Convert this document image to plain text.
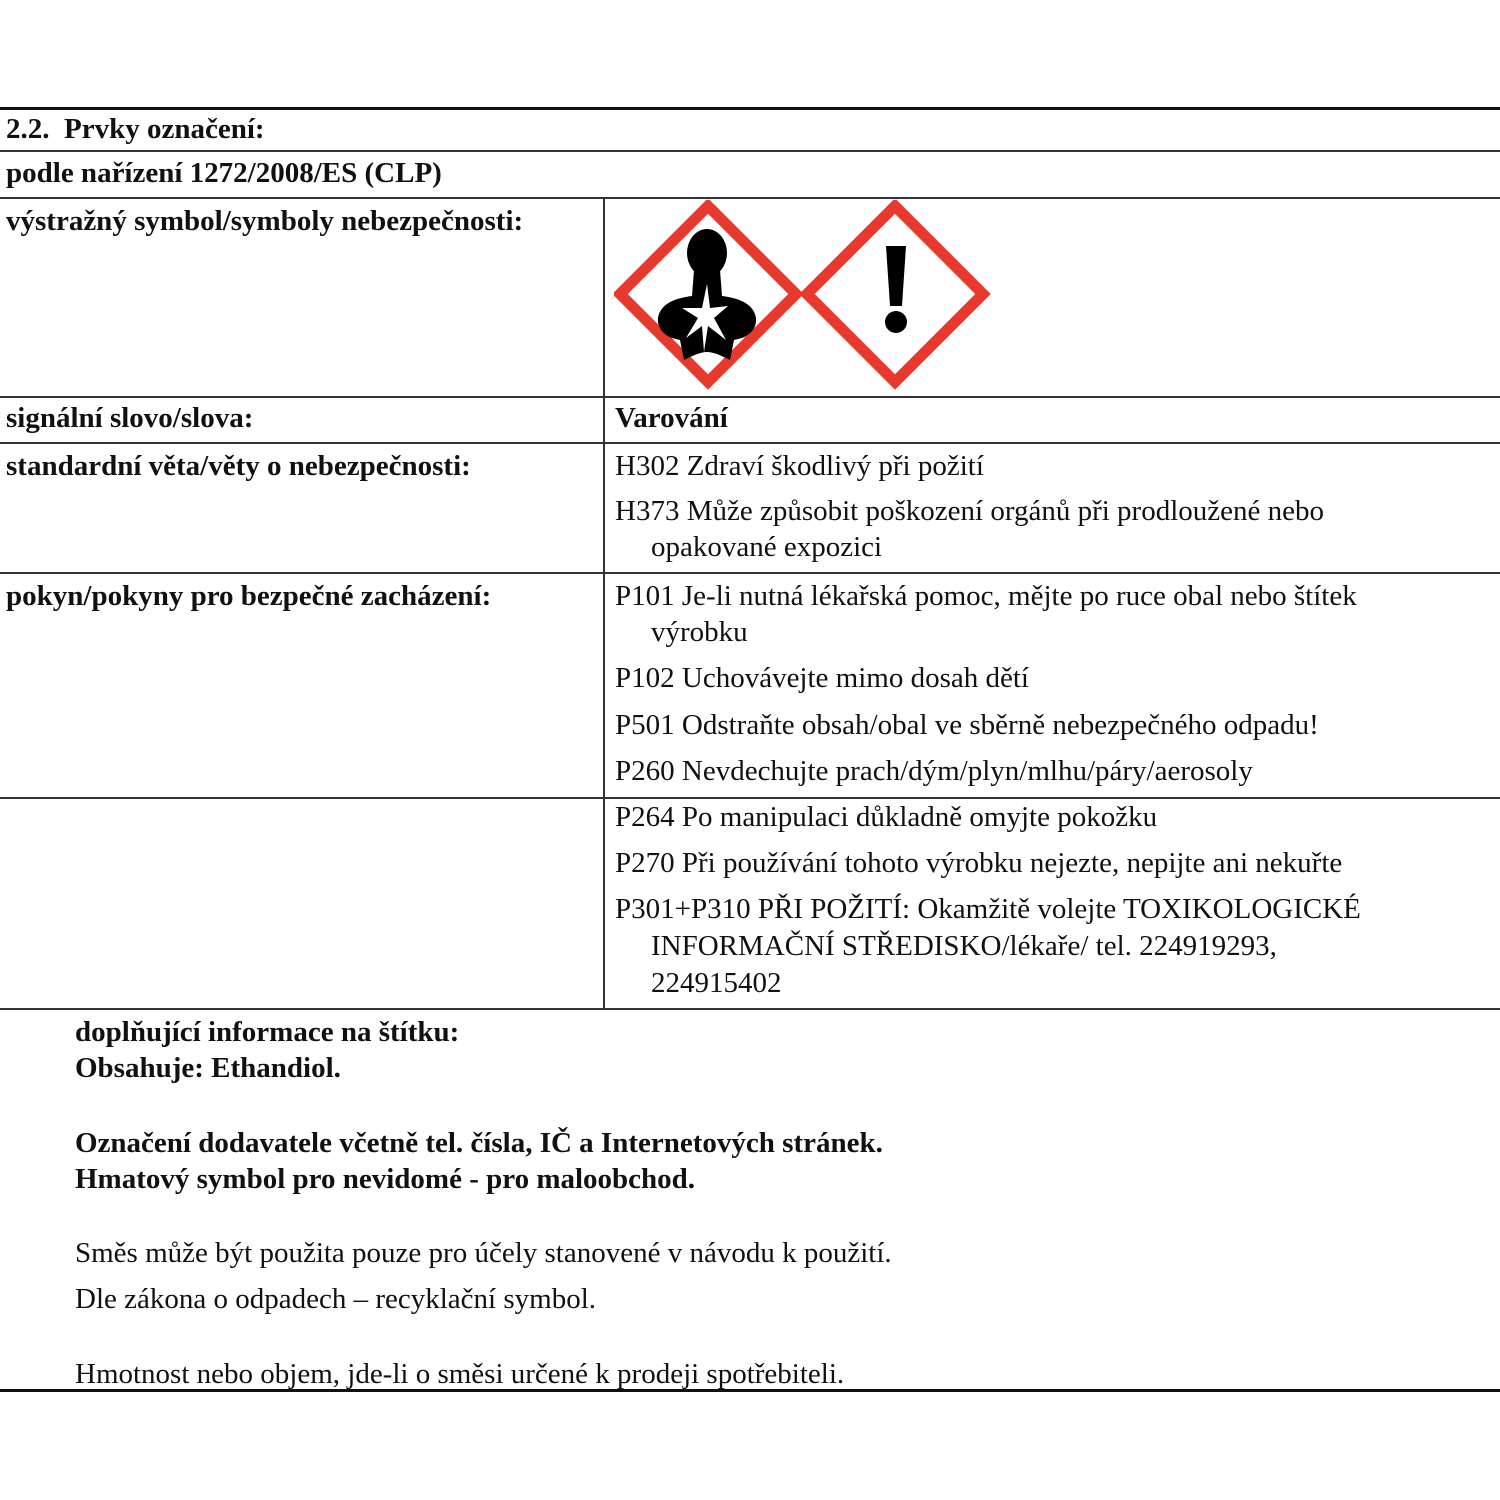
2.2. Prvky označení:
podle nařízení 1272/2008/ES (CLP)
výstražný symbol/symboly nebezpečnosti:
signální slovo/slova:	Varování
standardní věta/věty o nebezpečnosti:	H302 Zdraví škodlivý při požití
H373 Může způsobit poškození orgánů při prodloužené nebo
opakované expozici
pokyn/pokyny pro bezpečné zacházení:	P101 Je-li nutná lékařská pomoc, mějte po ruce obal nebo štítek
výrobku
P102 Uchovávejte mimo dosah dětí
P501 Odstraňte obsah/obal ve sběrně nebezpečného odpadu!
P260 Nevdechujte prach/dým/plyn/mlhu/páry/aerosoly
P264 Po manipulaci důkladně omyjte pokožku
P270 Při používání tohoto výrobku nejezte, nepijte ani nekuřte
P301+P310 PŘI POŽITÍ: Okamžitě volejte TOXIKOLOGICKÉ
INFORMAČNÍ STŘEDISKO/lékaře/ tel. 224919293,
224915402
doplňující informace na štítku:
Obsahuje: Ethandiol.
Označení dodavatele včetně tel. čísla, IČ a Internetových stránek.
Hmatový symbol pro nevidomé - pro maloobchod.
Směs může být použita pouze pro účely stanovené v návodu k použití.
Dle zákona o odpadech – recyklační symbol.
Hmotnost nebo objem, jde-li o směsi určené k prodeji spotřebiteli.
